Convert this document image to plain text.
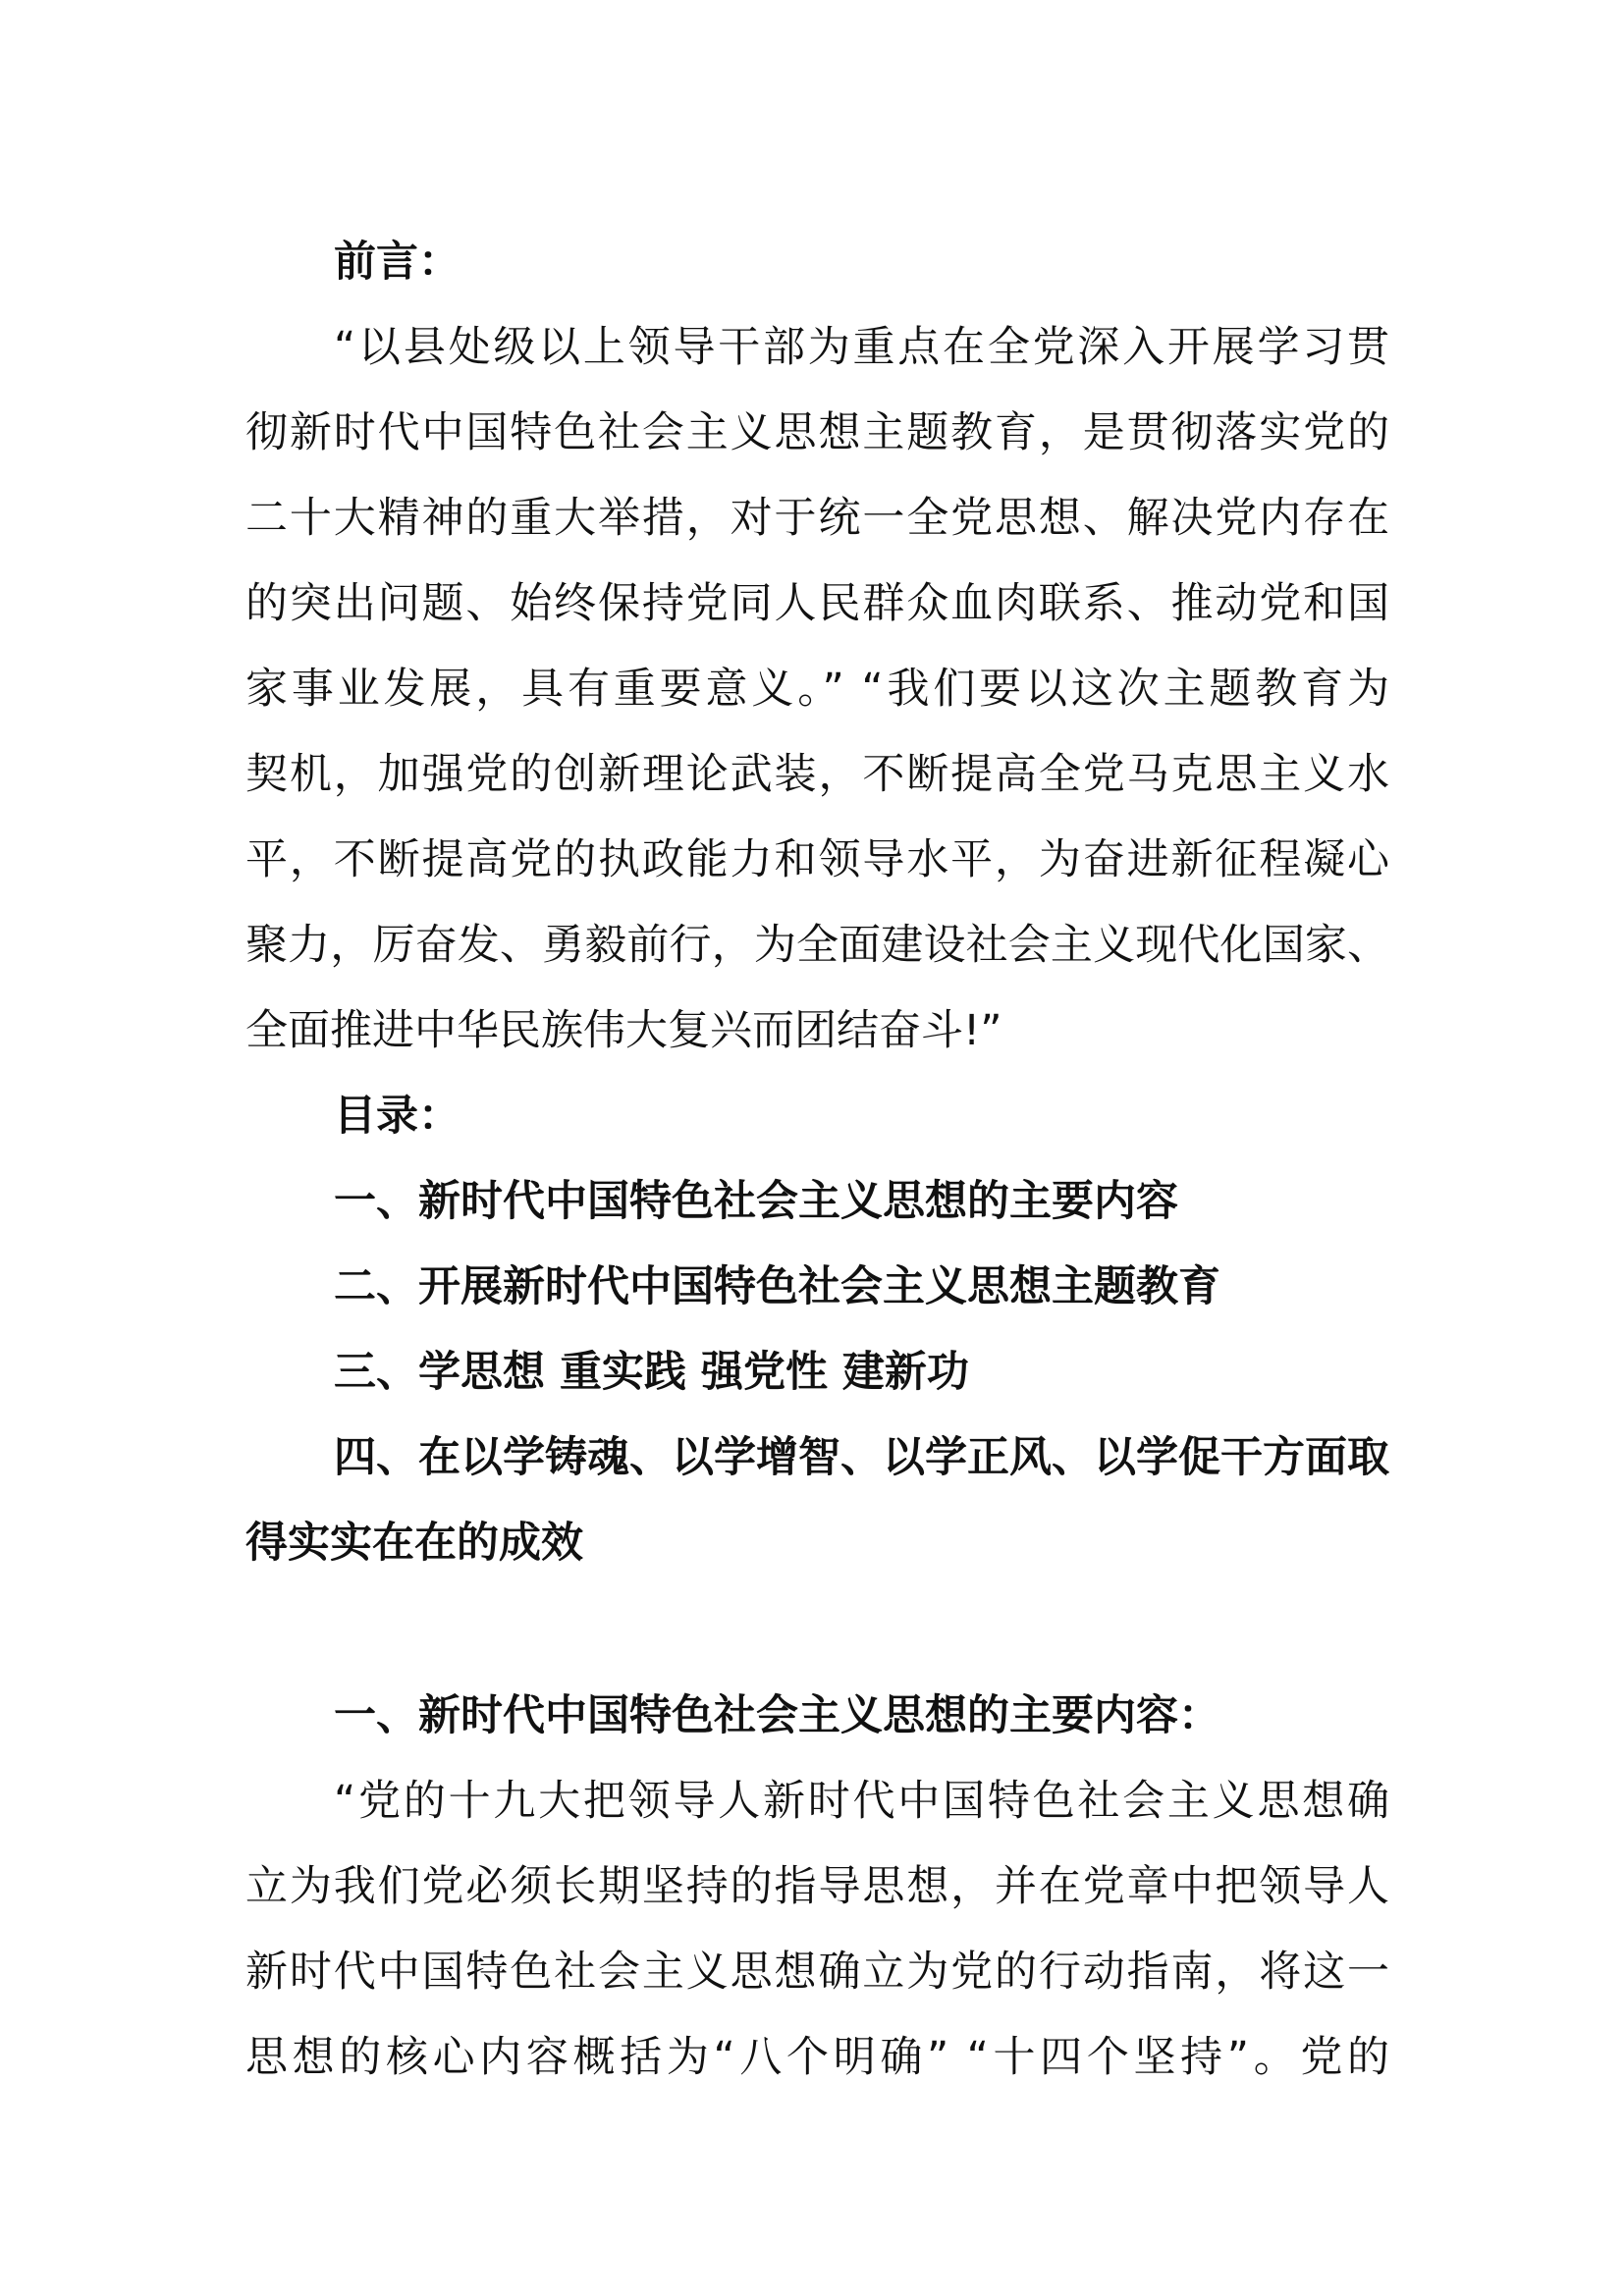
前言：
“以县处级以上领导干部为重点在全党深入开展学习贯
彻新时代中国特色社会主义思想主题教育，是贯彻落实党的
二十大精神的重大举措，对于统一全党思想、解决党内存在
的突出问题、始终保持党同人民群众血肉联系、推动党和国
家事业发展，具有重要意义。” “我们要以这次主题教育为
契机，加强党的创新理论武装，不断提高全党马克思主义水
平，不断提高党的执政能力和领导水平，为奋进新征程凝心
聚力，厉奋发、勇毅前行，为全面建设社会主义现代化国家、
全面推进中华民族伟大复兴而团结奋斗!”
目录：
一、新时代中国特色社会主义思想的主要内容
二、开展新时代中国特色社会主义思想主题教育
三、学思想 重实践 强党性 建新功
四、在以学铸魂、以学增智、以学正风、以学促干方面取
得实实在在的成效
一、新时代中国特色社会主义思想的主要内容：
“党的十九大把领导人新时代中国特色社会主义思想确
立为我们党必须长期坚持的指导思想，并在党章中把领导人
新时代中国特色社会主义思想确立为党的行动指南，将这一
思想的核心内容概括为“八个明确” “十四个坚持”。党的
